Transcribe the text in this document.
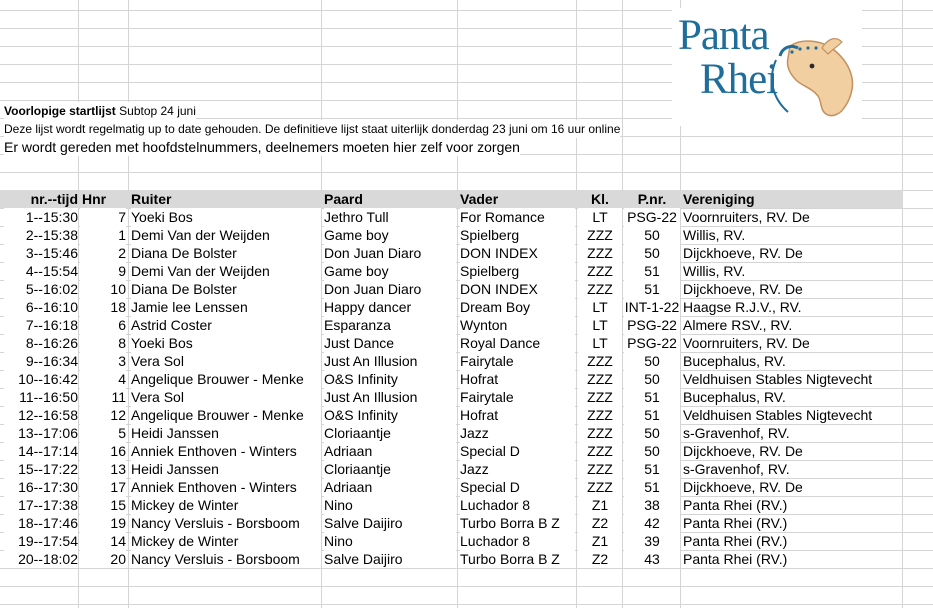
Panta
Rhei
Voorlopige startlijst Subtop 24 juni
Deze lijst wordt regelmatig up to date gehouden. De definitieve lijst staat uiterlijk donderdag 23 juni om 16 uur online
Er wordt gereden met hoofdstelnummers, deelnemers moeten hier zelf voor zorgen
nr.--tijd Hnr	Ruiter	Paard	Vader	Kl.	P.nr.	Vereniging
1--15:30	7 Yoeki Bos	Jethro Tull	For Romance	LT	PSG-22 Voornruiters, RV. De
2--15:38	1 Demi Van der Weijden	Game boy	Spielberg	ZZZ	50	Willis, RV.
3--15:46	2 Diana De Bolster	Don Juan Diaro	DON INDEX	ZZZ	50	Dijckhoeve, RV. De
4--15:54	9 Demi Van der Weijden	Game boy	Spielberg	ZZZ	51	Willis, RV.
5--16:02	10 Diana De Bolster	Don Juan Diaro	DON INDEX	ZZZ	51	Dijckhoeve, RV. De
6--16:10	18 Jamie lee Lenssen	Happy dancer	Dream Boy	LT	INT-1-22 Haagse R.J.V., RV.
7--16:18	6 Astrid Coster	Esparanza	Wynton	LT	PSG-22 Almere RSV., RV.
8--16:26	8 Yoeki Bos	Just Dance	Royal Dance	LT	PSG-22 Voornruiters, RV. De
9--16:34	3 Vera Sol	Just An Illusion	Fairytale	ZZZ	50	Bucephalus, RV.
10--16:42	4 Angelique Brouwer - Menke	O&S Infinity	Hofrat	ZZZ	50	Veldhuisen Stables Nigtevecht
11--16:50	11 Vera Sol	Just An Illusion	Fairytale	ZZZ	51	Bucephalus, RV.
12--16:58	12 Angelique Brouwer - Menke	O&S Infinity	Hofrat	ZZZ	51	Veldhuisen Stables Nigtevecht
13--17:06	5 Heidi Janssen	Cloriaantje	Jazz	ZZZ	50	s-Gravenhof, RV.
14--17:14	16 Anniek Enthoven - Winters	Adriaan	Special D	ZZZ	50	Dijckhoeve, RV. De
15--17:22	13 Heidi Janssen	Cloriaantje	Jazz	ZZZ	51	s-Gravenhof, RV.
16--17:30	17 Anniek Enthoven - Winters	Adriaan	Special D	ZZZ	51	Dijckhoeve, RV. De
17--17:38	15 Mickey de Winter	Nino	Luchador 8	Z1	38	Panta Rhei (RV.)
18--17:46	19 Nancy Versluis - Borsboom	Salve Daijiro	Turbo Borra B Z	Z2	42	Panta Rhei (RV.)
19--17:54	14 Mickey de Winter	Nino	Luchador 8	Z1	39	Panta Rhei (RV.)
20--18:02	20 Nancy Versluis - Borsboom	Salve Daijiro	Turbo Borra B Z	Z2	43	Panta Rhei (RV.)
